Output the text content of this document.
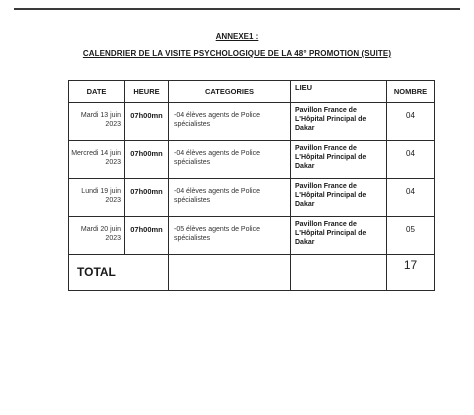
ANNEXE1 :
CALENDRIER DE LA VISITE PSYCHOLOGIQUE DE LA 48° PROMOTION (SUITE)
DATE	HEURE	CATEGORIES	LIEU	NOMBRE
Mardi 13 juin 2023	07h00mn	-04 élèves agents de Police spécialistes	Pavillon France de L'Hôpital Principal de Dakar	04
Mercredi 14 juin 2023	07h00mn	-04 élèves agents de Police spécialistes	Pavillon France de L'Hôpital Principal de Dakar	04
Lundi 19 juin 2023	07h00mn	-04 élèves agents de Police spécialistes	Pavillon France de L'Hôpital Principal de Dakar	04
Mardi 20 juin 2023	07h00mn	-05 élèves agents de Police spécialistes	Pavillon France de L'Hôpital Principal de Dakar	05
TOTAL				17
